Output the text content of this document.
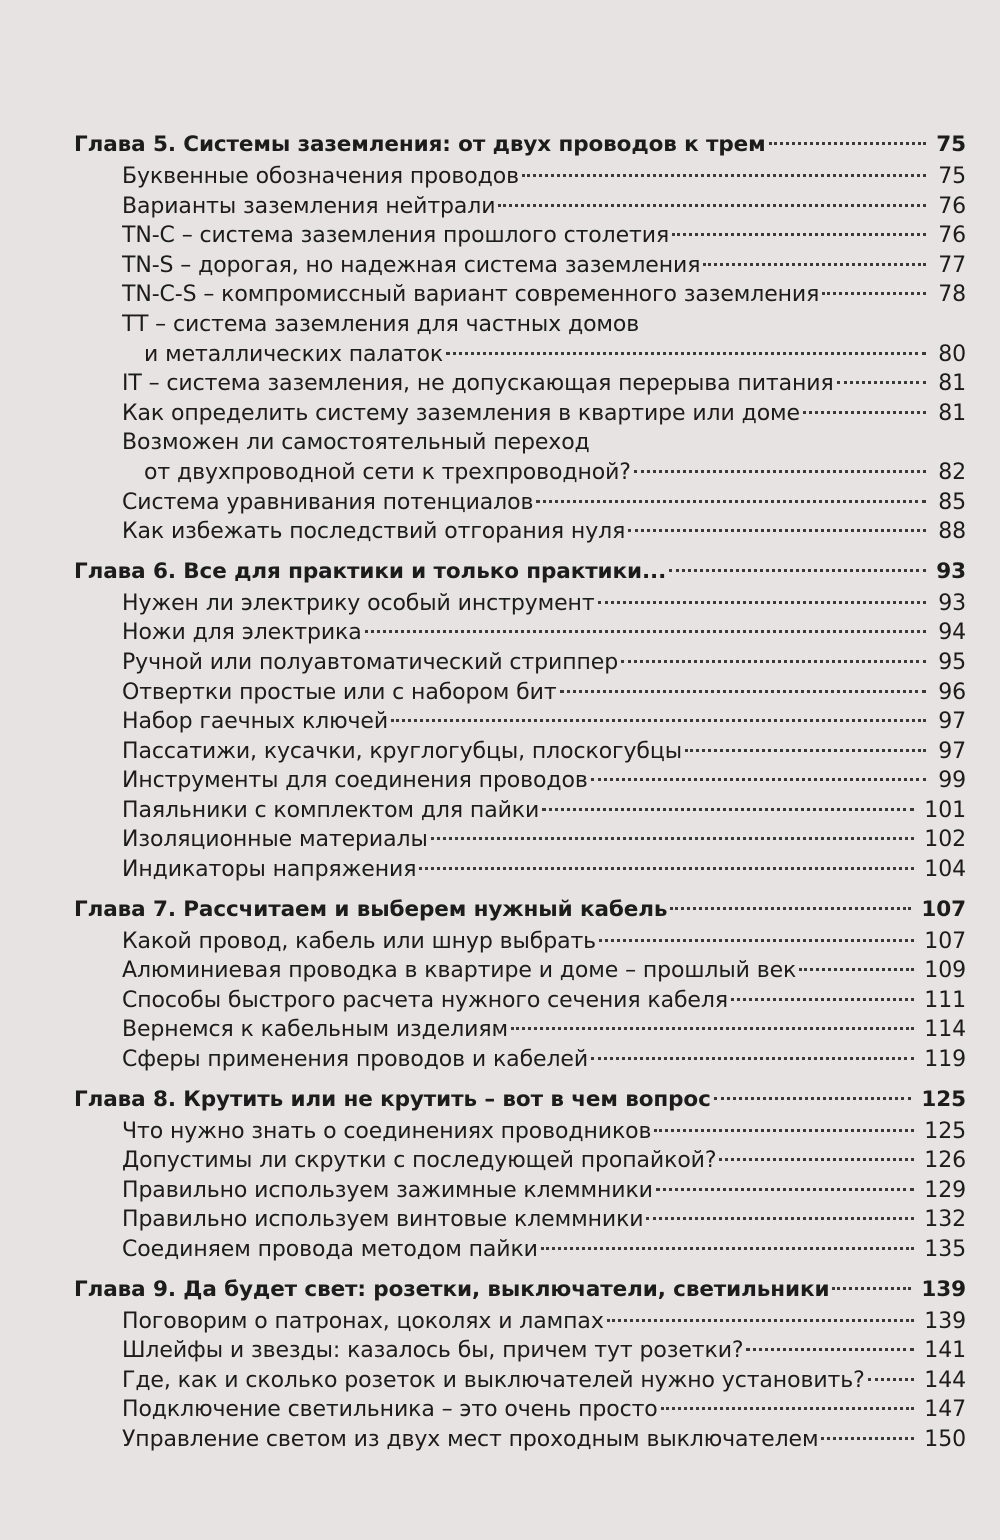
Глава 5. Системы заземления: от двух проводов к трем	75
Буквенные обозначения проводов	75
Варианты заземления нейтрали	76
TN-C – система заземления прошлого столетия	76
TN-S – дорогая, но надежная система заземления	77
TN-C-S – компромиссный вариант современного заземления	78
TT – система заземления для частных домов
и металлических палаток	80
IT – система заземления, не допускающая перерыва питания	81
Как определить систему заземления в квартире или доме	81
Возможен ли самостоятельный переход
от двухпроводной сети к трехпроводной?	82
Система уравнивания потенциалов	85
Как избежать последствий отгорания нуля	88
Глава 6. Все для практики и только практики...	93
Нужен ли электрику особый инструмент	93
Ножи для электрика	94
Ручной или полуавтоматический стриппер	95
Отвертки простые или с набором бит	96
Набор гаечных ключей	97
Пассатижи, кусачки, круглогубцы, плоскогубцы	97
Инструменты для соединения проводов	99
Паяльники с комплектом для пайки	101
Изоляционные материалы	102
Индикаторы напряжения	104
Глава 7. Рассчитаем и выберем нужный кабель	107
Какой провод, кабель или шнур выбрать	107
Алюминиевая проводка в квартире и доме – прошлый век	109
Способы быстрого расчета нужного сечения кабеля	111
Вернемся к кабельным изделиям	114
Сферы применения проводов и кабелей	119
Глава 8. Крутить или не крутить – вот в чем вопрос	125
Что нужно знать о соединениях проводников	125
Допустимы ли скрутки с последующей пропайкой?	126
Правильно используем зажимные клеммники	129
Правильно используем винтовые клеммники	132
Соединяем провода методом пайки	135
Глава 9. Да будет свет: розетки, выключатели, светильники	139
Поговорим о патронах, цоколях и лампах	139
Шлейфы и звезды: казалось бы, причем тут розетки?	141
Где, как и сколько розеток и выключателей нужно установить?	144
Подключение светильника – это очень просто	147
Управление светом из двух мест проходным выключателем	150
